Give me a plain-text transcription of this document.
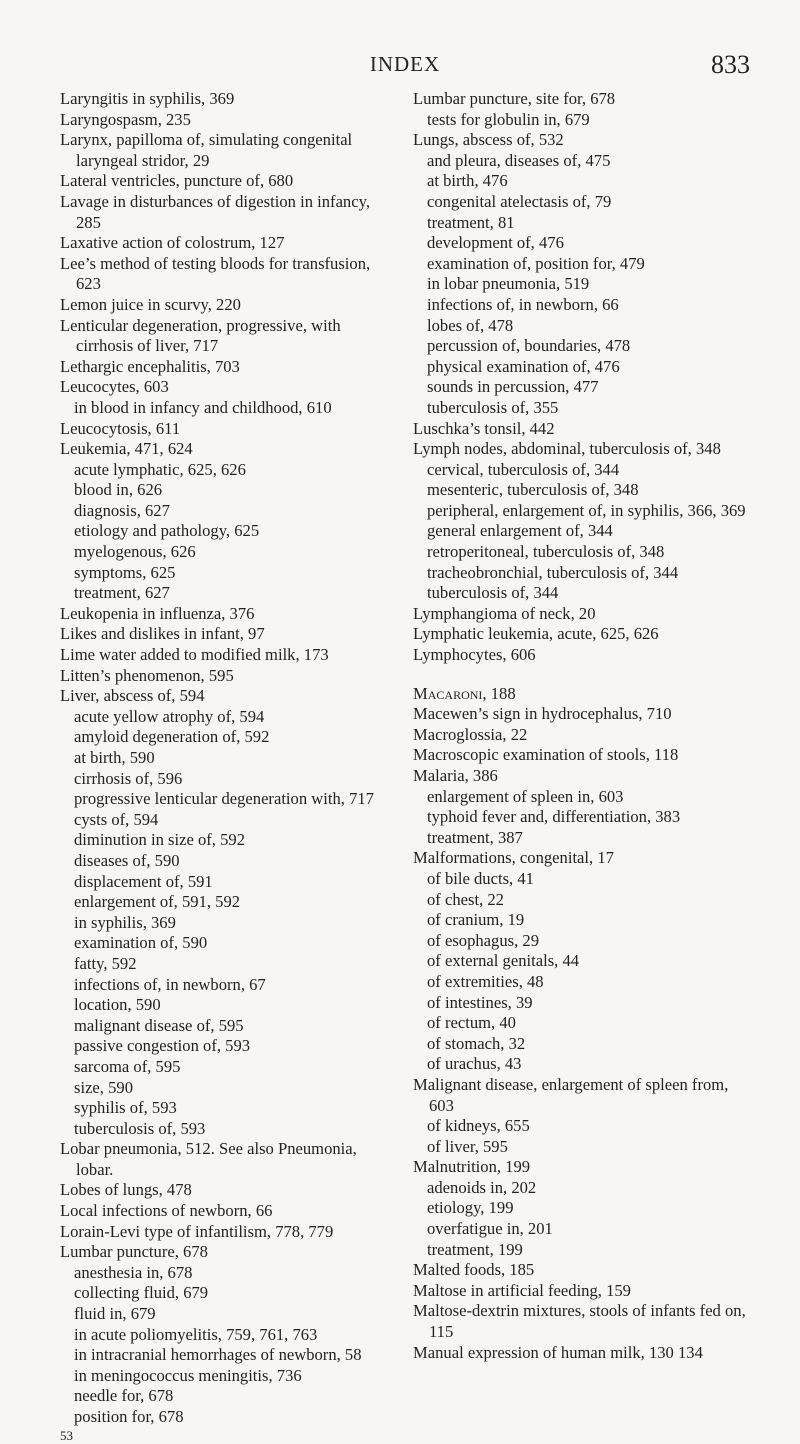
INDEX	833
Laryngitis in syphilis, 369
Laryngospasm, 235
Larynx, papilloma of, simulating congenital laryngeal stridor, 29
Lateral ventricles, puncture of, 680
Lavage in disturbances of digestion in infancy, 285
Laxative action of colostrum, 127
Lee’s method of testing bloods for transfusion, 623
Lemon juice in scurvy, 220
Lenticular degeneration, progressive, with cirrhosis of liver, 717
Lethargic encephalitis, 703
Leucocytes, 603
in blood in infancy and childhood, 610
Leucocytosis, 611
Leukemia, 471, 624
acute lymphatic, 625, 626
blood in, 626
diagnosis, 627
etiology and pathology, 625
myelogenous, 626
symptoms, 625
treatment, 627
Leukopenia in influenza, 376
Likes and dislikes in infant, 97
Lime water added to modified milk, 173
Litten’s phenomenon, 595
Liver, abscess of, 594
acute yellow atrophy of, 594
amyloid degeneration of, 592
at birth, 590
cirrhosis of, 596
progressive lenticular degeneration with, 717
cysts of, 594
diminution in size of, 592
diseases of, 590
displacement of, 591
enlargement of, 591, 592
in syphilis, 369
examination of, 590
fatty, 592
infections of, in newborn, 67
location, 590
malignant disease of, 595
passive congestion of, 593
sarcoma of, 595
size, 590
syphilis of, 593
tuberculosis of, 593
Lobar pneumonia, 512. See also Pneumonia, lobar.
Lobes of lungs, 478
Local infections of newborn, 66
Lorain-Levi type of infantilism, 778, 779
Lumbar puncture, 678
anesthesia in, 678
collecting fluid, 679
fluid in, 679
in acute poliomyelitis, 759, 761, 763
in intracranial hemorrhages of newborn, 58
in meningococcus meningitis, 736
needle for, 678
position for, 678
53
Lumbar puncture, site for, 678
tests for globulin in, 679
Lungs, abscess of, 532
and pleura, diseases of, 475
at birth, 476
congenital atelectasis of, 79
treatment, 81
development of, 476
examination of, position for, 479
in lobar pneumonia, 519
infections of, in newborn, 66
lobes of, 478
percussion of, boundaries, 478
physical examination of, 476
sounds in percussion, 477
tuberculosis of, 355
Luschka’s tonsil, 442
Lymph nodes, abdominal, tuberculosis of, 348
cervical, tuberculosis of, 344
mesenteric, tuberculosis of, 348
peripheral, enlargement of, in syphilis, 366, 369
general enlargement of, 344
retroperitoneal, tuberculosis of, 348
tracheobronchial, tuberculosis of, 344
tuberculosis of, 344
Lymphangioma of neck, 20
Lymphatic leukemia, acute, 625, 626
Lymphocytes, 606
Macaroni, 188
Macewen’s sign in hydrocephalus, 710
Macroglossia, 22
Macroscopic examination of stools, 118
Malaria, 386
enlargement of spleen in, 603
typhoid fever and, differentiation, 383
treatment, 387
Malformations, congenital, 17
of bile ducts, 41
of chest, 22
of cranium, 19
of esophagus, 29
of external genitals, 44
of extremities, 48
of intestines, 39
of rectum, 40
of stomach, 32
of urachus, 43
Malignant disease, enlargement of spleen from, 603
of kidneys, 655
of liver, 595
Malnutrition, 199
adenoids in, 202
etiology, 199
overfatigue in, 201
treatment, 199
Malted foods, 185
Maltose in artificial feeding, 159
Maltose-dextrin mixtures, stools of infants fed on, 115
Manual expression of human milk, 130 134
